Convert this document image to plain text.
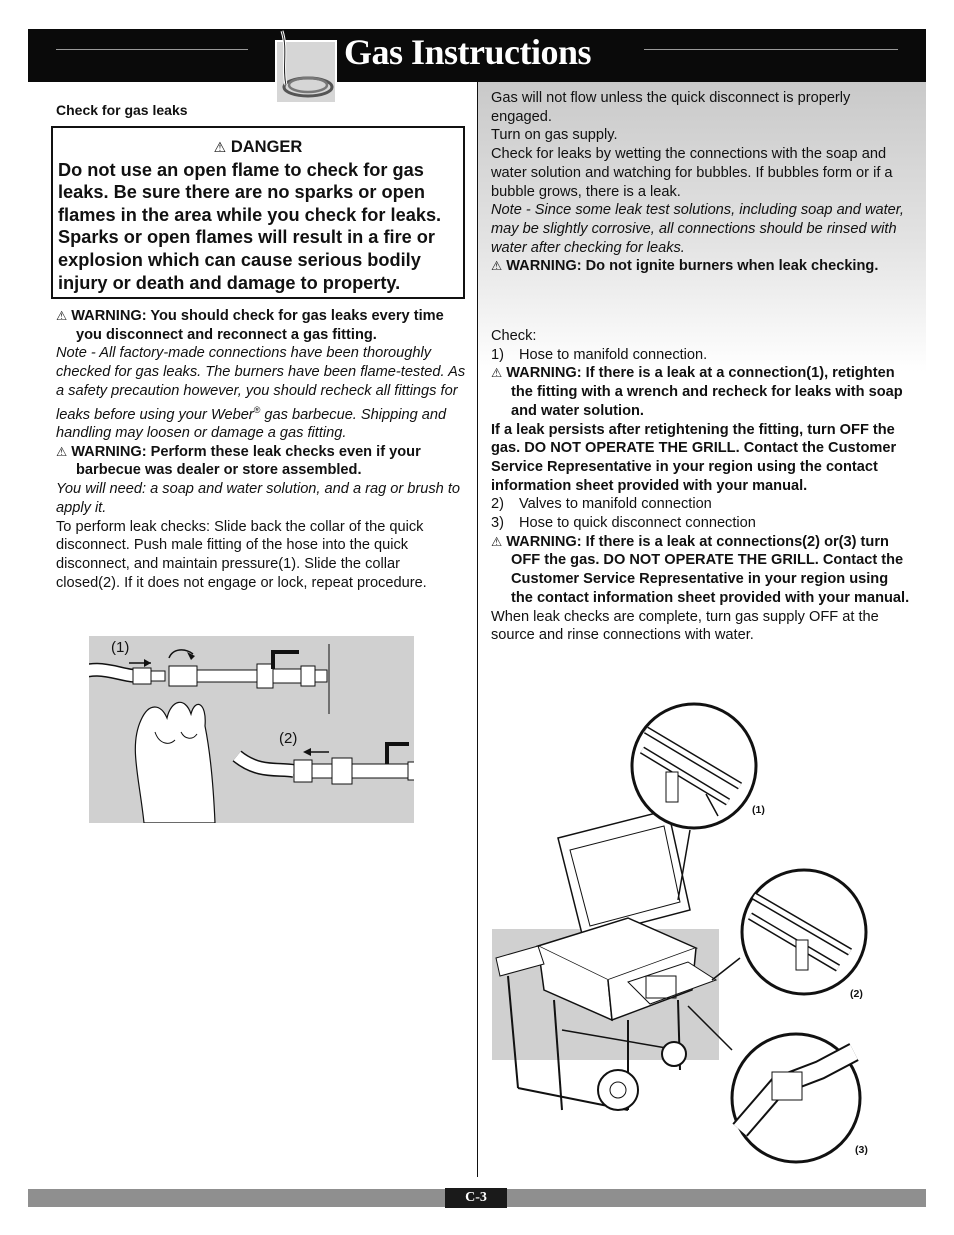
Gas Instructions
Check for gas leaks
⚠ DANGER
Do not use an open flame to check for gas leaks. Be sure there are no sparks or open flames in the area while you check for leaks. Sparks or open flames will result in a fire or explosion which can cause serious bodily injury or death and damage to property.

⚠ WARNING: You should check for gas leaks every time you disconnect and reconnect a gas fitting.

Note - All factory-made connections have been thoroughly checked for gas leaks. The burners have been flame-tested. As a safety precaution however, you should recheck all fittings for leaks before using your Weber® gas barbecue. Shipping and handling may loosen or damage a gas fitting.

⚠ WARNING: Perform these leak checks even if your barbecue was dealer or store assembled.

You will need: a soap and water solution, and a rag or brush to apply it.

To perform leak checks: Slide back the collar of the quick disconnect. Push male fitting of the hose into the quick disconnect, and maintain pressure(1). Slide the collar closed(2). If it does not engage or lock, repeat procedure.

(1)
(2)

Gas will not flow unless the quick disconnect is properly engaged.

Turn on gas supply.

Check for leaks by wetting the connections with the soap and water solution and watching for bubbles. If bubbles form or if a bubble grows, there is a leak.

Note - Since some leak test solutions, including soap and water, may be slightly corrosive, all connections should be rinsed with water after checking for leaks.

⚠ WARNING: Do not ignite burners when leak checking.

Check:

1) Hose to manifold connection.

⚠ WARNING: If there is a leak at a connection(1), retighten the fitting with a wrench and recheck for leaks with soap and water solution.

If a leak persists after retightening the fitting, turn OFF the gas. DO NOT OPERATE THE GRILL. Contact the Customer Service Representative in your region using the contact information sheet provided with your manual.

2) Valves to manifold connection

3) Hose to quick disconnect connection

⚠ WARNING: If there is a leak at connections(2) or(3) turn OFF the gas. DO NOT OPERATE THE GRILL. Contact the Customer Service Representative in your region using the contact information sheet provided with your manual.

When leak checks are complete, turn gas supply OFF at the source and rinse connections with water.

(1)
(2)
(3)
C-3
